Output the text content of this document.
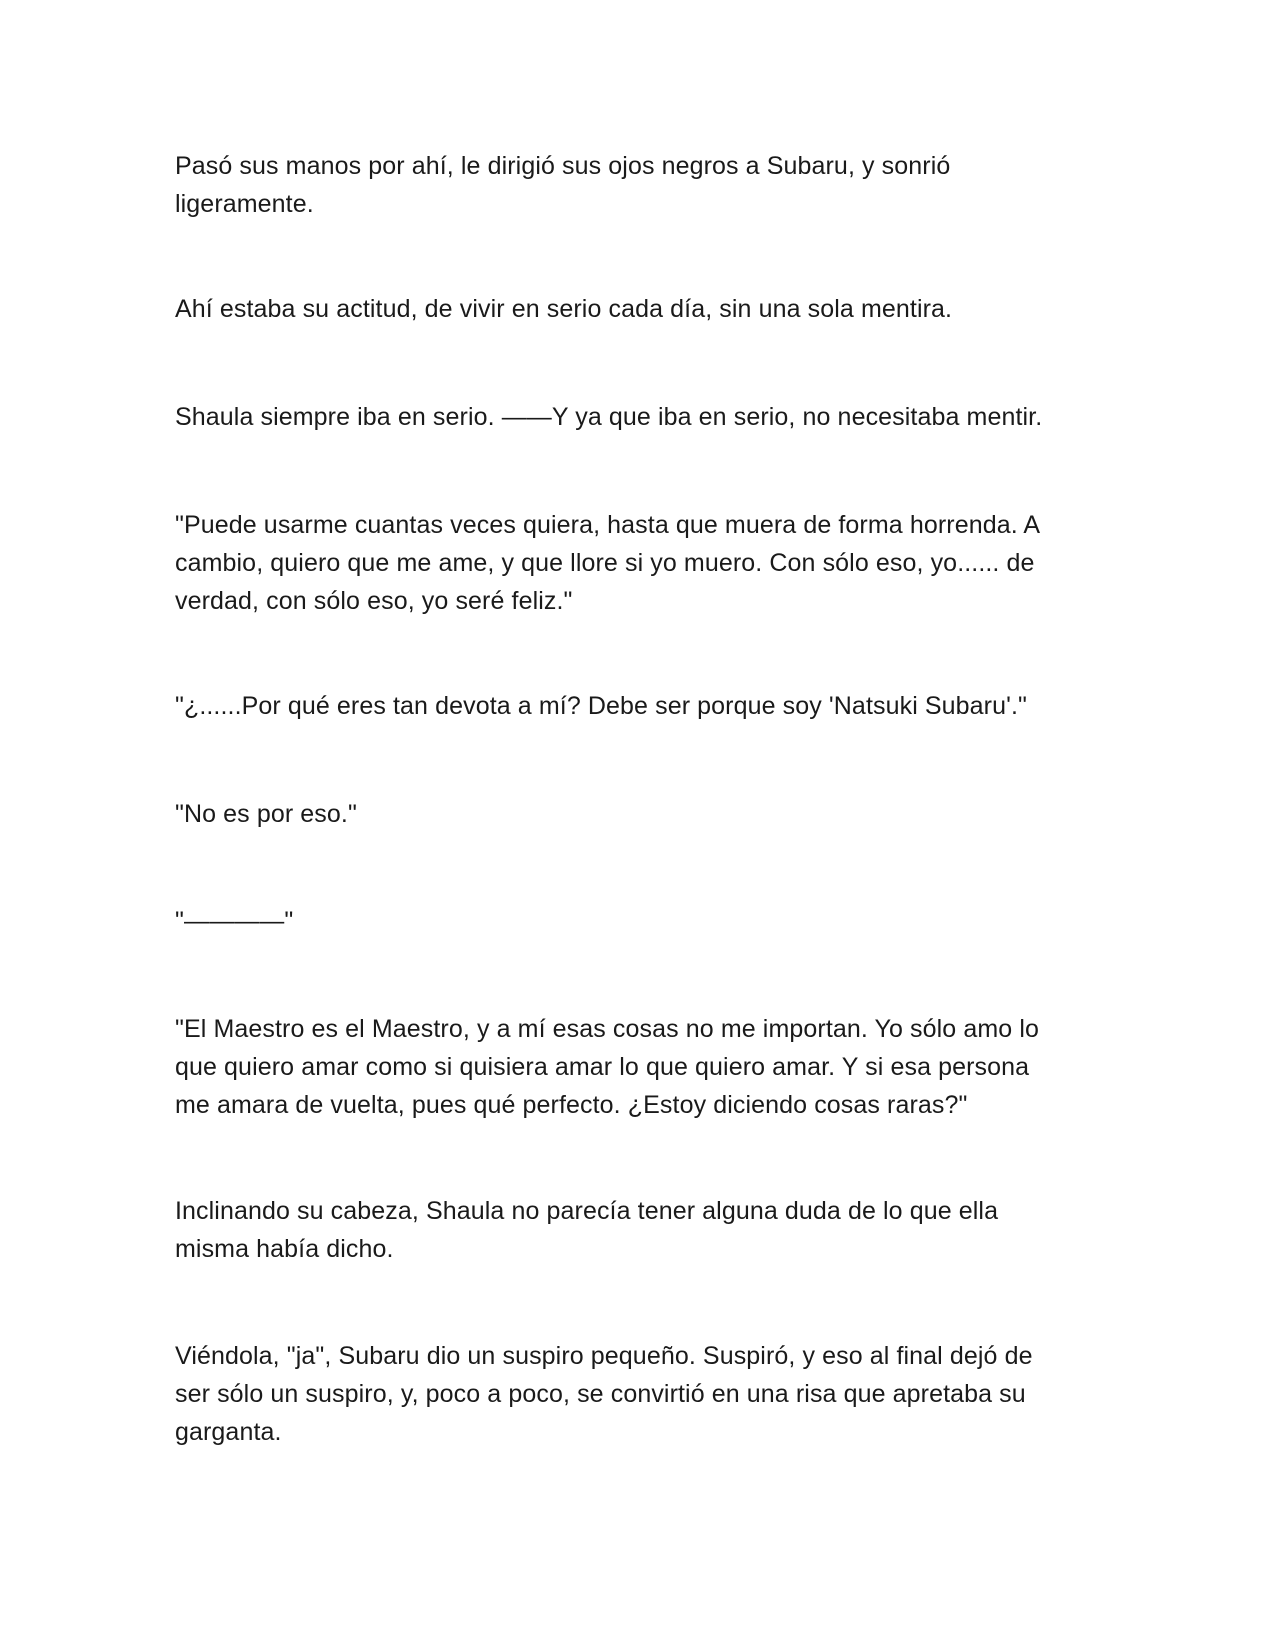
Pasó sus manos por ahí, le dirigió sus ojos negros a Subaru, y sonrió
ligeramente.

Ahí estaba su actitud, de vivir en serio cada día, sin una sola mentira.

Shaula siempre iba en serio. ——Y ya que iba en serio, no necesitaba mentir.

"Puede usarme cuantas veces quiera, hasta que muera de forma horrenda. A
cambio, quiero que me ame, y que llore si yo muero. Con sólo eso, yo...... de
verdad, con sólo eso, yo seré feliz."

"¿......Por qué eres tan devota a mí? Debe ser porque soy 'Natsuki Subaru'."

"No es por eso."

"————"

"El Maestro es el Maestro, y a mí esas cosas no me importan. Yo sólo amo lo
que quiero amar como si quisiera amar lo que quiero amar. Y si esa persona
me amara de vuelta, pues qué perfecto. ¿Estoy diciendo cosas raras?"

Inclinando su cabeza, Shaula no parecía tener alguna duda de lo que ella
misma había dicho.

Viéndola, "ja", Subaru dio un suspiro pequeño. Suspiró, y eso al final dejó de
ser sólo un suspiro, y, poco a poco, se convirtió en una risa que apretaba su
garganta.
